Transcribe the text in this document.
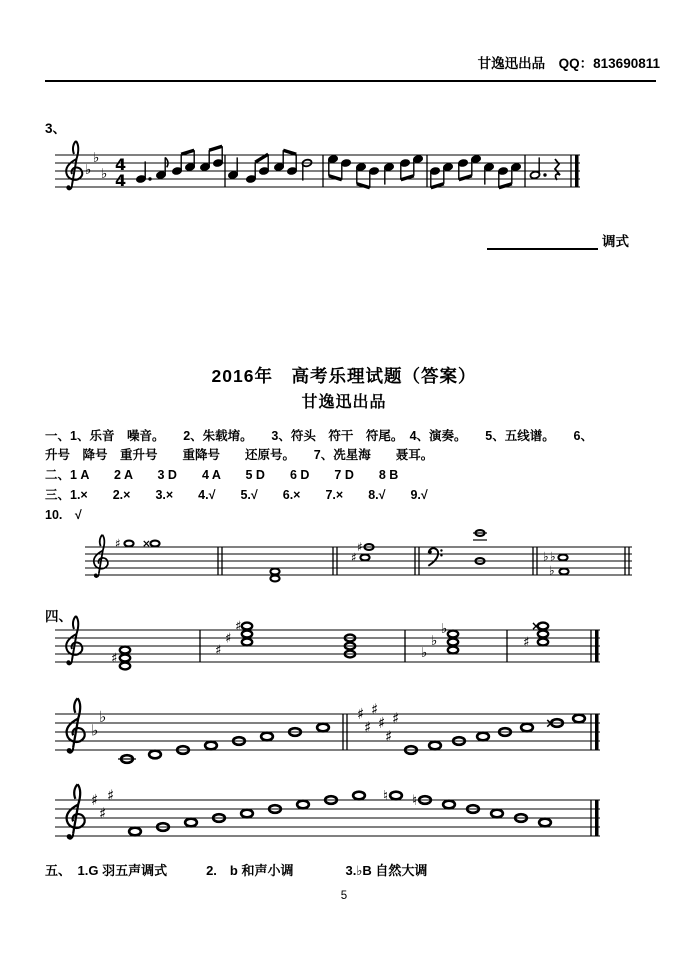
♭
♭
♭
4
4
♯ ×	♯
♯	♭ ♭
♭
♯	♯
♯
♯
♭
♭
♭
♯
×
♭
♭	♯
♯
♯
♯
♯
♯	×
♯
♯
♯	♮ ♮
甘逸迅出品　QQ：813690811
3、
调式
2016年　高考乐理试题（答案）
甘逸迅出品
一、1、乐音　噪音。　　2、朱载堉。　　3、符头　符干　符尾。　4、演奏。　　5、五线谱。　　6、
升号　降号　重升号　　重降号　　还原号。　　7、冼星海　　聂耳。
二、1 A　　2 A　　3 D　　4 A　　5 D　　6 D　　7 D　　8 B
三、1.×　　2.×　　3.×　　4.√　　5.√　　6.×　　7.×　　8.√　　9.√
10.　√
四、
五、　1.G 羽五声调式　　　2.　b 和声小调　　　　3.♭B 自然大调
5
